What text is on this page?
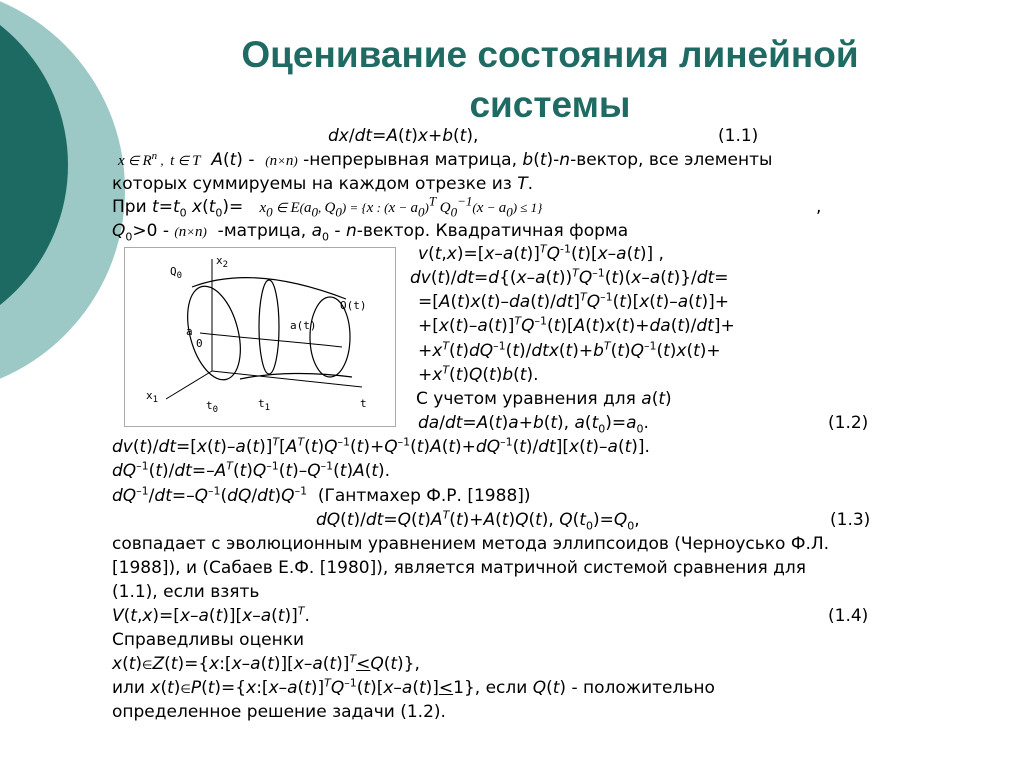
Оценивание состояния линейной
системы
dx/dt=A(t)x+b(t),	(1.1)
x ∈ $R^n$ ,  t ∈ T A(t) -  (n×n) -непрерывная матрица, b(t)-n-вектор, все элементы
которых суммируемы на каждом отрезке из T.
При $t=t_0$ $x(t_0)= x_0$ ∈ $E(a_0$, $Q_0) = \{x$ : $(x - a_0)^T$ $Q_0^{-1}(x - a_0) \le 1$}	,
$Q_0>0 - (n\times n)$  -матрица, $a_0$ - n-вектор. Квадратичная форма
$v(t,x)=[x-a(t)]^TQ^{-1}(t)[x-a(t)]$ ,
$dv(t)/dt=d\{(x-a(t))^TQ^{-1}(t)(x-a(t)\}/dt=$
$=[A(t)x(t)-da(t)/dt]^TQ^{-1}(t)[x(t)-a(t)]+$
$+[x(t)-a(t)]^TQ^{-1}(t)[A(t)x(t)+da(t)/dt]+$
$+x^T(t)dQ^{-1}(t)/dtx(t)+b^T(t)Q^{-1}(t)x(t)+$
$+x^T(t)Q(t)b(t)$.
С учетом уравнения для a(t)
da/dt=A(t)a+b(t), $a(t_0)=a_0$.	(1.2)
$dv(t)/dt=[x(t)-a(t)]^T[A^T(t)Q^{-1}(t)+Q^{-1}(t)A(t)+dQ^{-1}(t)/dt][x(t)-a(t)]$.
$dQ^{-1}(t)/dt=-A^T(t)Q^{-1}(t)-Q^{-1}(t)A(t)$.
$dQ^{-1}/dt=-Q^{-1}(dQ/dt)Q^{-1}$ (Гантмахер Ф.Р. [1988])
$dQ(t)/dt=Q(t)A^T(t)+A(t)Q(t)$, $Q(t_0)=Q_0$,	(1.3)
совпадает с эволюционным уравнением метода эллипсоидов (Черноусько Ф.Л.
[1988]), и (Сабаев Е.Ф. [1980]), является матричной системой сравнения для
(1.1), если взять
$V(t,x)=[x-a(t)][x-a(t)]^T$.	(1.4)
Справедливы оценки
$x(t)\in Z(t)=\{x:[x-a(t)][x-a(t)]^T<Q(t)\}$,
или $x(t)\in P(t)=\{x:[x-a(t)]^TQ^{-1}(t)[x-a(t)]<1\}$, если Q(t) - положительно
определенное решение задачи (1.2).
$Q_0$
$x_2$
a
0
a(t)
Q(t)
$x_1$	$t_0$	$t_1$	t
